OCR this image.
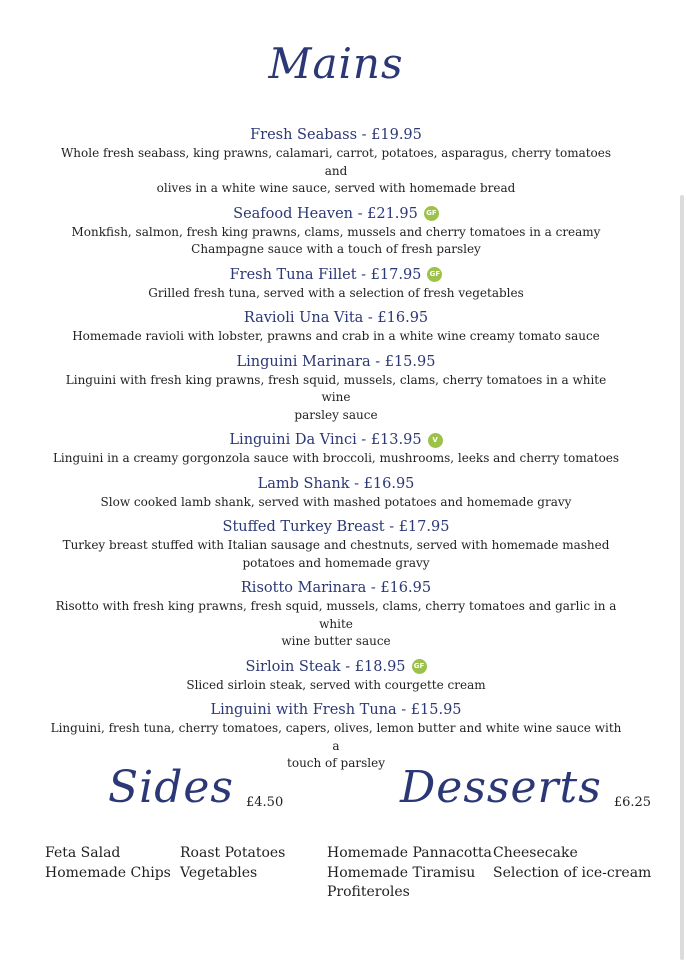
Mains
Fresh Seabass - £19.95
Whole fresh seabass, king prawns, calamari, carrot, potatoes, asparagus, cherry tomatoes and
olives in a white wine sauce, served with homemade bread
Seafood Heaven - £21.95	GF
Monkfish, salmon, fresh king prawns, clams, mussels and cherry tomatoes in a creamy
Champagne sauce with a touch of fresh parsley
Fresh Tuna Fillet - £17.95	GF
Grilled fresh tuna, served with a selection of fresh vegetables
Ravioli Una Vita - £16.95
Homemade ravioli with lobster, prawns and crab in a white wine creamy tomato sauce
Linguini Marinara - £15.95
Linguini with fresh king prawns, fresh squid, mussels, clams, cherry tomatoes in a white wine
parsley sauce
Linguini Da Vinci - £13.95	V
Linguini in a creamy gorgonzola sauce with broccoli, mushrooms, leeks and cherry tomatoes
Lamb Shank - £16.95
Slow cooked lamb shank, served with mashed potatoes and homemade gravy
Stuffed Turkey Breast - £17.95
Turkey breast stuffed with Italian sausage and chestnuts, served with homemade mashed
potatoes and homemade gravy
Risotto Marinara - £16.95
Risotto with fresh king prawns, fresh squid, mussels, clams, cherry tomatoes and garlic in a white
wine butter sauce
Sirloin Steak - £18.95	GF
Sliced sirloin steak, served with courgette cream
Linguini with Fresh Tuna - £15.95
Linguini, fresh tuna, cherry tomatoes, capers, olives, lemon butter and white wine sauce with a
touch of parsley
Sides £4.50	Desserts £6.25
Feta Salad
Homemade Chips
Roast Potatoes
Vegetables
Homemade Pannacotta
Homemade Tiramisu
Profiteroles
Cheesecake
Selection of ice-cream
